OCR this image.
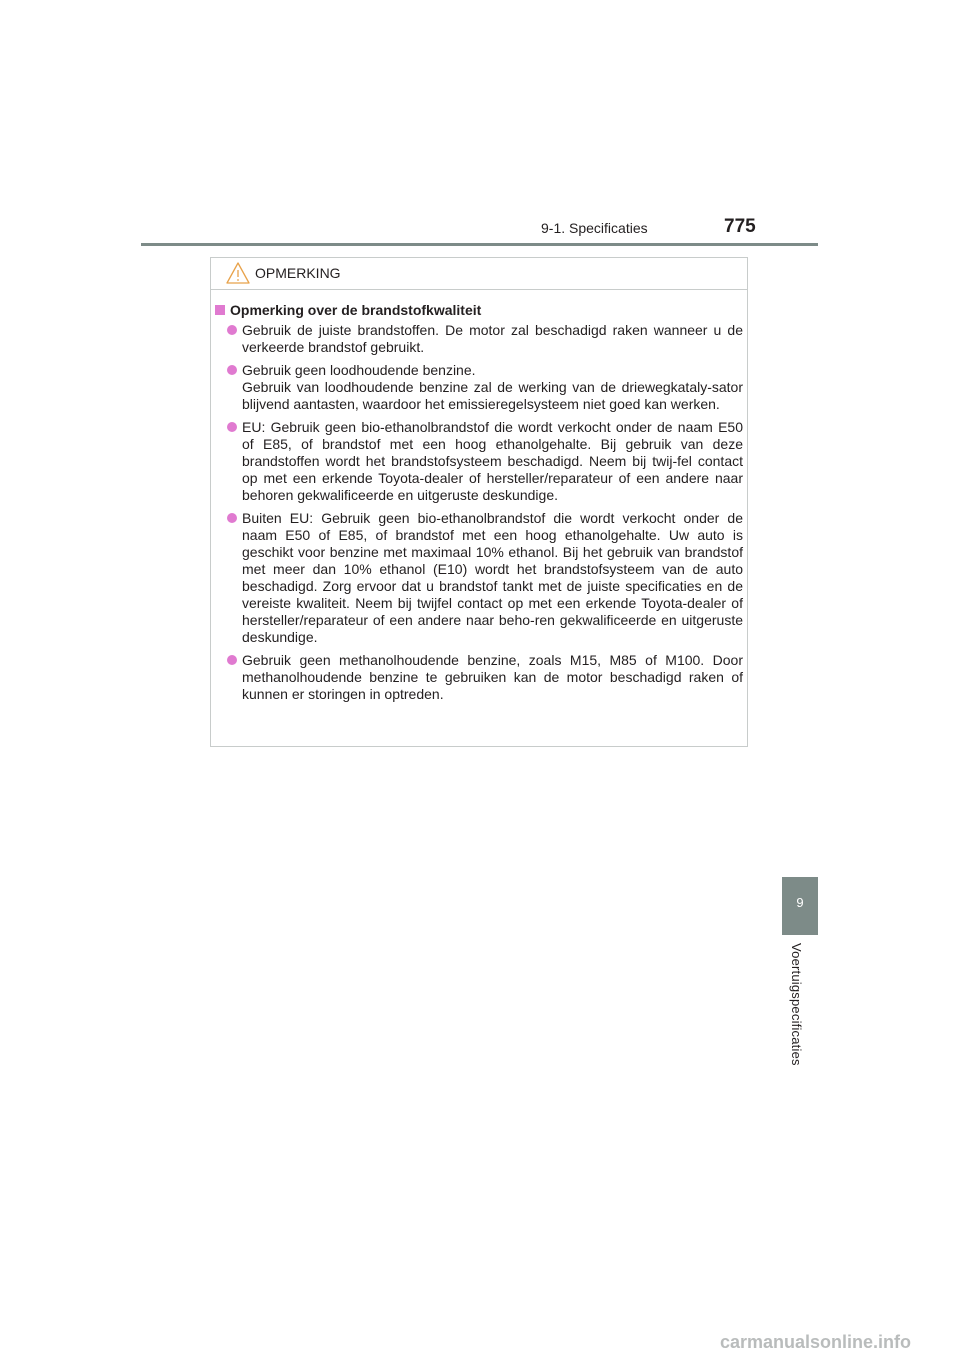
9-1. Specificaties	775
OPMERKING
Opmerking over de brandstofkwaliteit
Gebruik de juiste brandstoffen. De motor zal beschadigd raken wanneer u de verkeerde brandstof gebruikt.
Gebruik geen loodhoudende benzine.
Gebruik van loodhoudende benzine zal de werking van de driewegkataly-sator blijvend aantasten, waardoor het emissieregelsysteem niet goed kan werken.
EU: Gebruik geen bio-ethanolbrandstof die wordt verkocht onder de naam E50 of E85, of brandstof met een hoog ethanolgehalte. Bij gebruik van deze brandstoffen wordt het brandstofsysteem beschadigd. Neem bij twij-fel contact op met een erkende Toyota-dealer of hersteller/reparateur of een andere naar behoren gekwalificeerde en uitgeruste deskundige.
Buiten EU: Gebruik geen bio-ethanolbrandstof die wordt verkocht onder de naam E50 of E85, of brandstof met een hoog ethanolgehalte. Uw auto is geschikt voor benzine met maximaal 10% ethanol. Bij het gebruik van brandstof met meer dan 10% ethanol (E10) wordt het brandstofsysteem van de auto beschadigd. Zorg ervoor dat u brandstof tankt met de juiste specificaties en de vereiste kwaliteit. Neem bij twijfel contact op met een erkende Toyota-dealer of hersteller/reparateur of een andere naar beho-ren gekwalificeerde en uitgeruste deskundige.
Gebruik geen methanolhoudende benzine, zoals M15, M85 of M100. Door methanolhoudende benzine te gebruiken kan de motor beschadigd raken of kunnen er storingen in optreden.
9
Voertuigspecificaties
carmanualsonline.info
